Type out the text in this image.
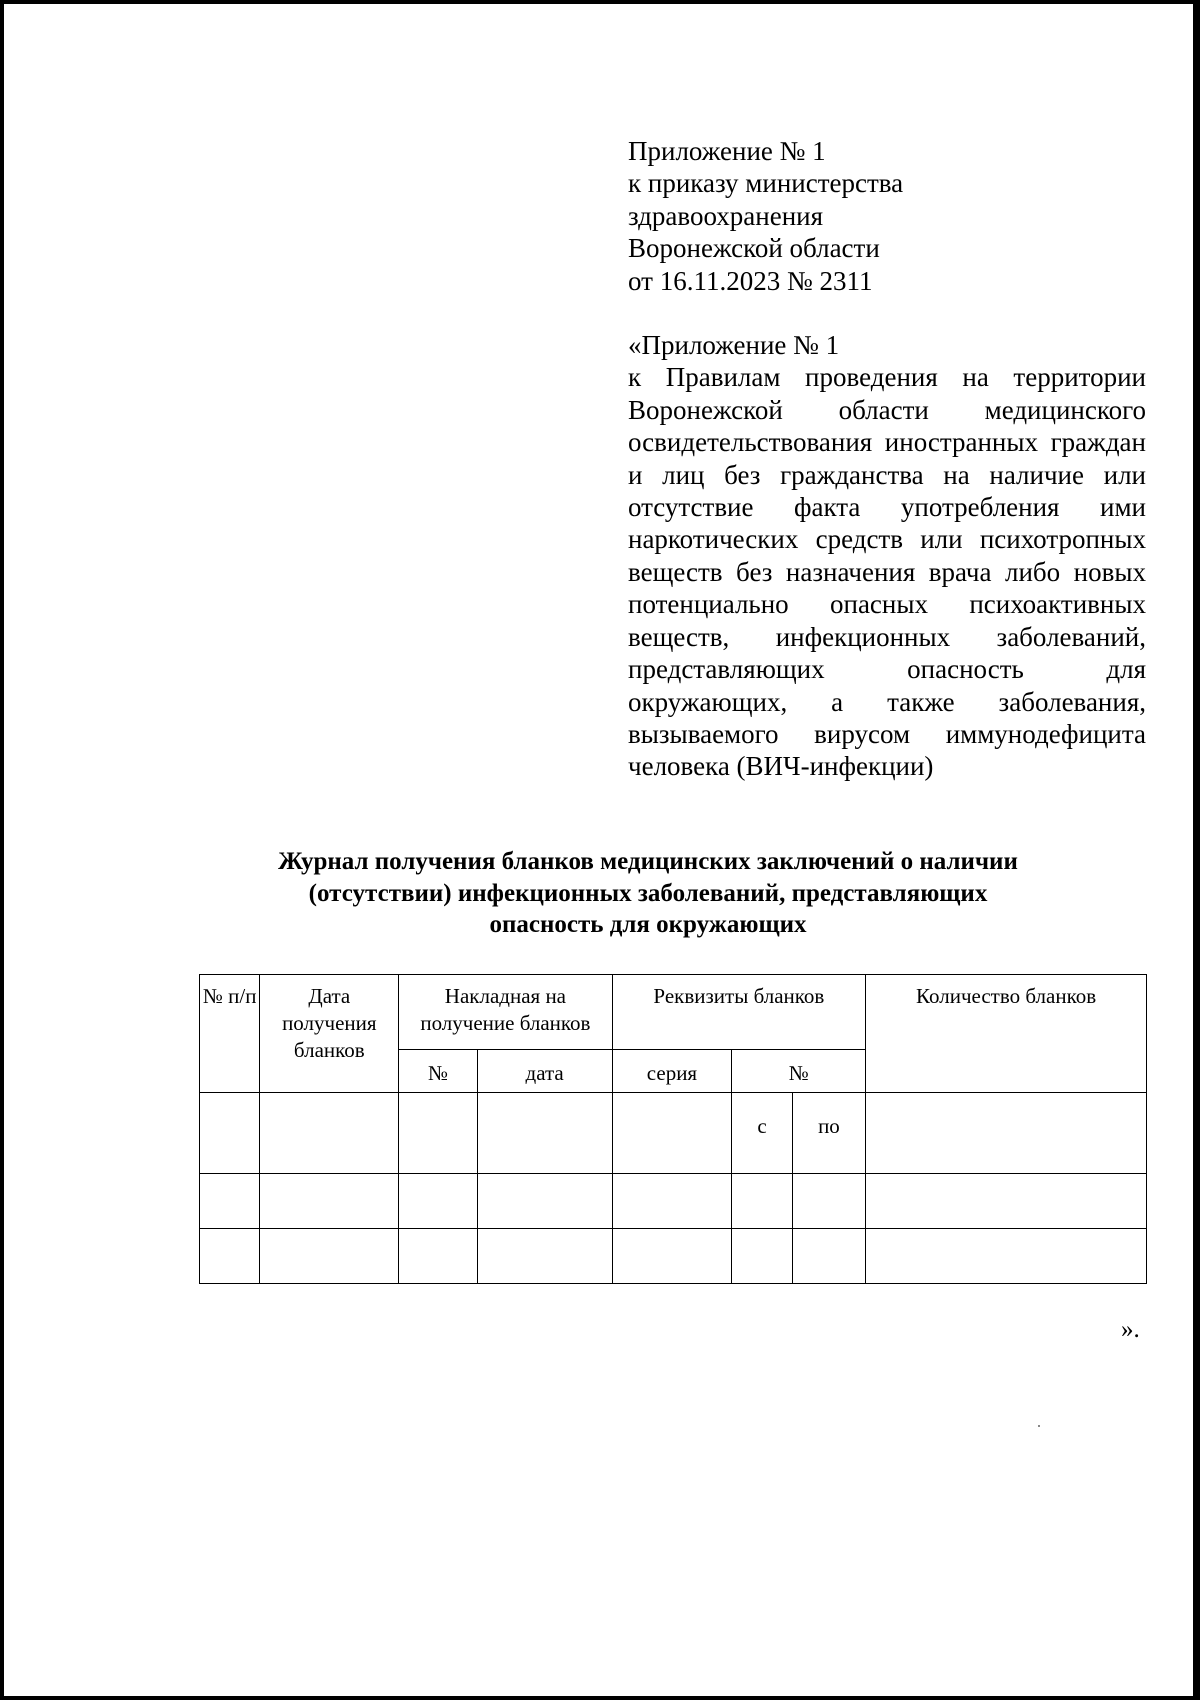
Приложение № 1
к приказу министерства
здравоохранения
Воронежской области
от 16.11.2023 № 2311
«Приложение № 1
к Правилам проведения на территории Воронежской области медицинского освидетельствования иностранных граждан и лиц без гражданства на наличие или отсутствие факта употребления ими наркотических средств или психотропных веществ без назначения врача либо новых потенциально опасных психоактивных веществ, инфекционных заболеваний, представляющих опасность для окружающих, а также заболевания, вызываемого вирусом иммунодефицита человека (ВИЧ-инфекции)
Журнал получения бланков медицинских заключений о наличии
(отсутствии) инфекционных заболеваний, представляющих
опасность для окружающих
№ п/п	Дата получения бланков	Накладная на получение бланков		Реквизиты бланков			Количество бланков
		№	дата	серия	№		
					с	по	

».
